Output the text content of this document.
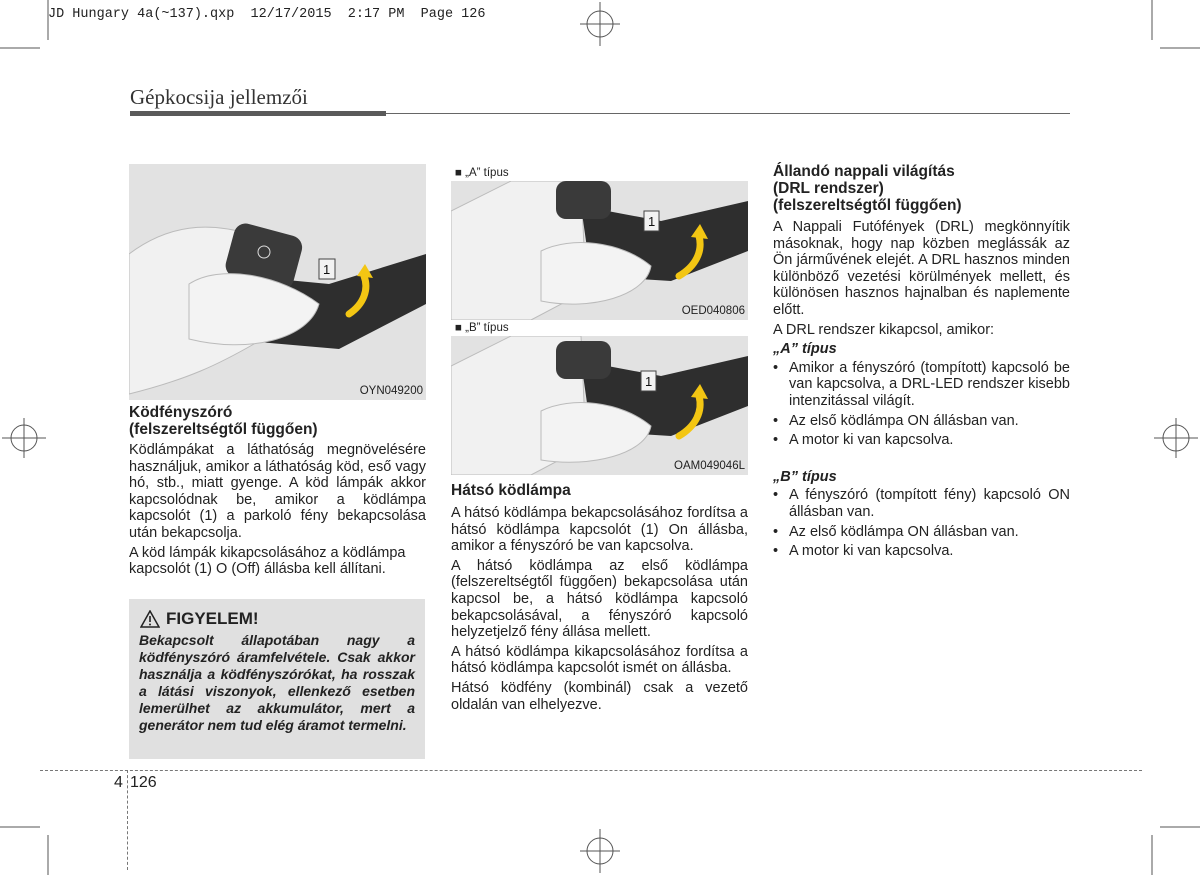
JD Hungary 4a(~137).qxp  12/17/2015  2:17 PM  Page 126
Gépkocsija jellemzői
1
OYN049200
1
OED040806
■ „A” típus
1
OAM049046L
■ „B” típus
Ködfényszóró
(felszereltségtől függően)

Ködlámpákat a láthatóság megnövelésére használjuk, amikor a láthatóság köd, eső vagy hó, stb., miatt gyenge. A köd lámpák akkor kapcsolódnak be, amikor a ködlámpa kapcsolót (1) a parkoló fény bekapcsolása után bekapcsolja.

A köd lámpák kikapcsolásához a ködlámpa kapcsolót (1) O (Off) állásba kell állítani.

FIGYELEM!
Bekapcsolt állapotában nagy a ködfényszóró áramfelvétele. Csak akkor használja a ködfényszórókat, ha rosszak a látási viszonyok, ellenkező esetben lemerülhet az akkumulátor, mert a generátor nem tud elég áramot termelni.
Hátsó ködlámpa

A hátsó ködlámpa bekapcsolásához fordítsa a hátsó ködlámpa kapcsolót (1) On állásba, amikor a fényszóró be van kapcsolva.

A hátsó ködlámpa az első ködlámpa (felszereltségtől függően) bekapcsolása után kapcsol be, a hátsó ködlámpa kapcsoló bekapcsolásával, a fényszóró kapcsoló helyzetjelző fény állása mellett.

A hátsó ködlámpa kikapcsolásához fordítsa a hátsó ködlámpa kapcsolót ismét on állásba.

Hátsó ködfény (kombinál) csak a vezető oldalán van elhelyezve.

Állandó nappali világítás
(DRL rendszer)
(felszereltségtől függően)

A Nappali Futófények (DRL) megkönnyítik másoknak, hogy nap közben meglássák az Ön járművének elejét. A DRL hasznos minden különböző vezetési körülmények mellett, és különösen hasznos hajnalban és naplemente előtt.

A DRL rendszer kikapcsol, amikor:

„A” típus
• Amikor a fényszóró (tompított) kapcsoló be van kapcsolva, a DRL-LED rendszer kisebb intenzitással világít.
• Az első ködlámpa ON állásban van.
• A motor ki van kapcsolva.
„B” típus
• A fényszóró (tompított fény) kapcsoló ON állásban van.
• Az első ködlámpa ON állásban van.
• A motor ki van kapcsolva.
4 126
